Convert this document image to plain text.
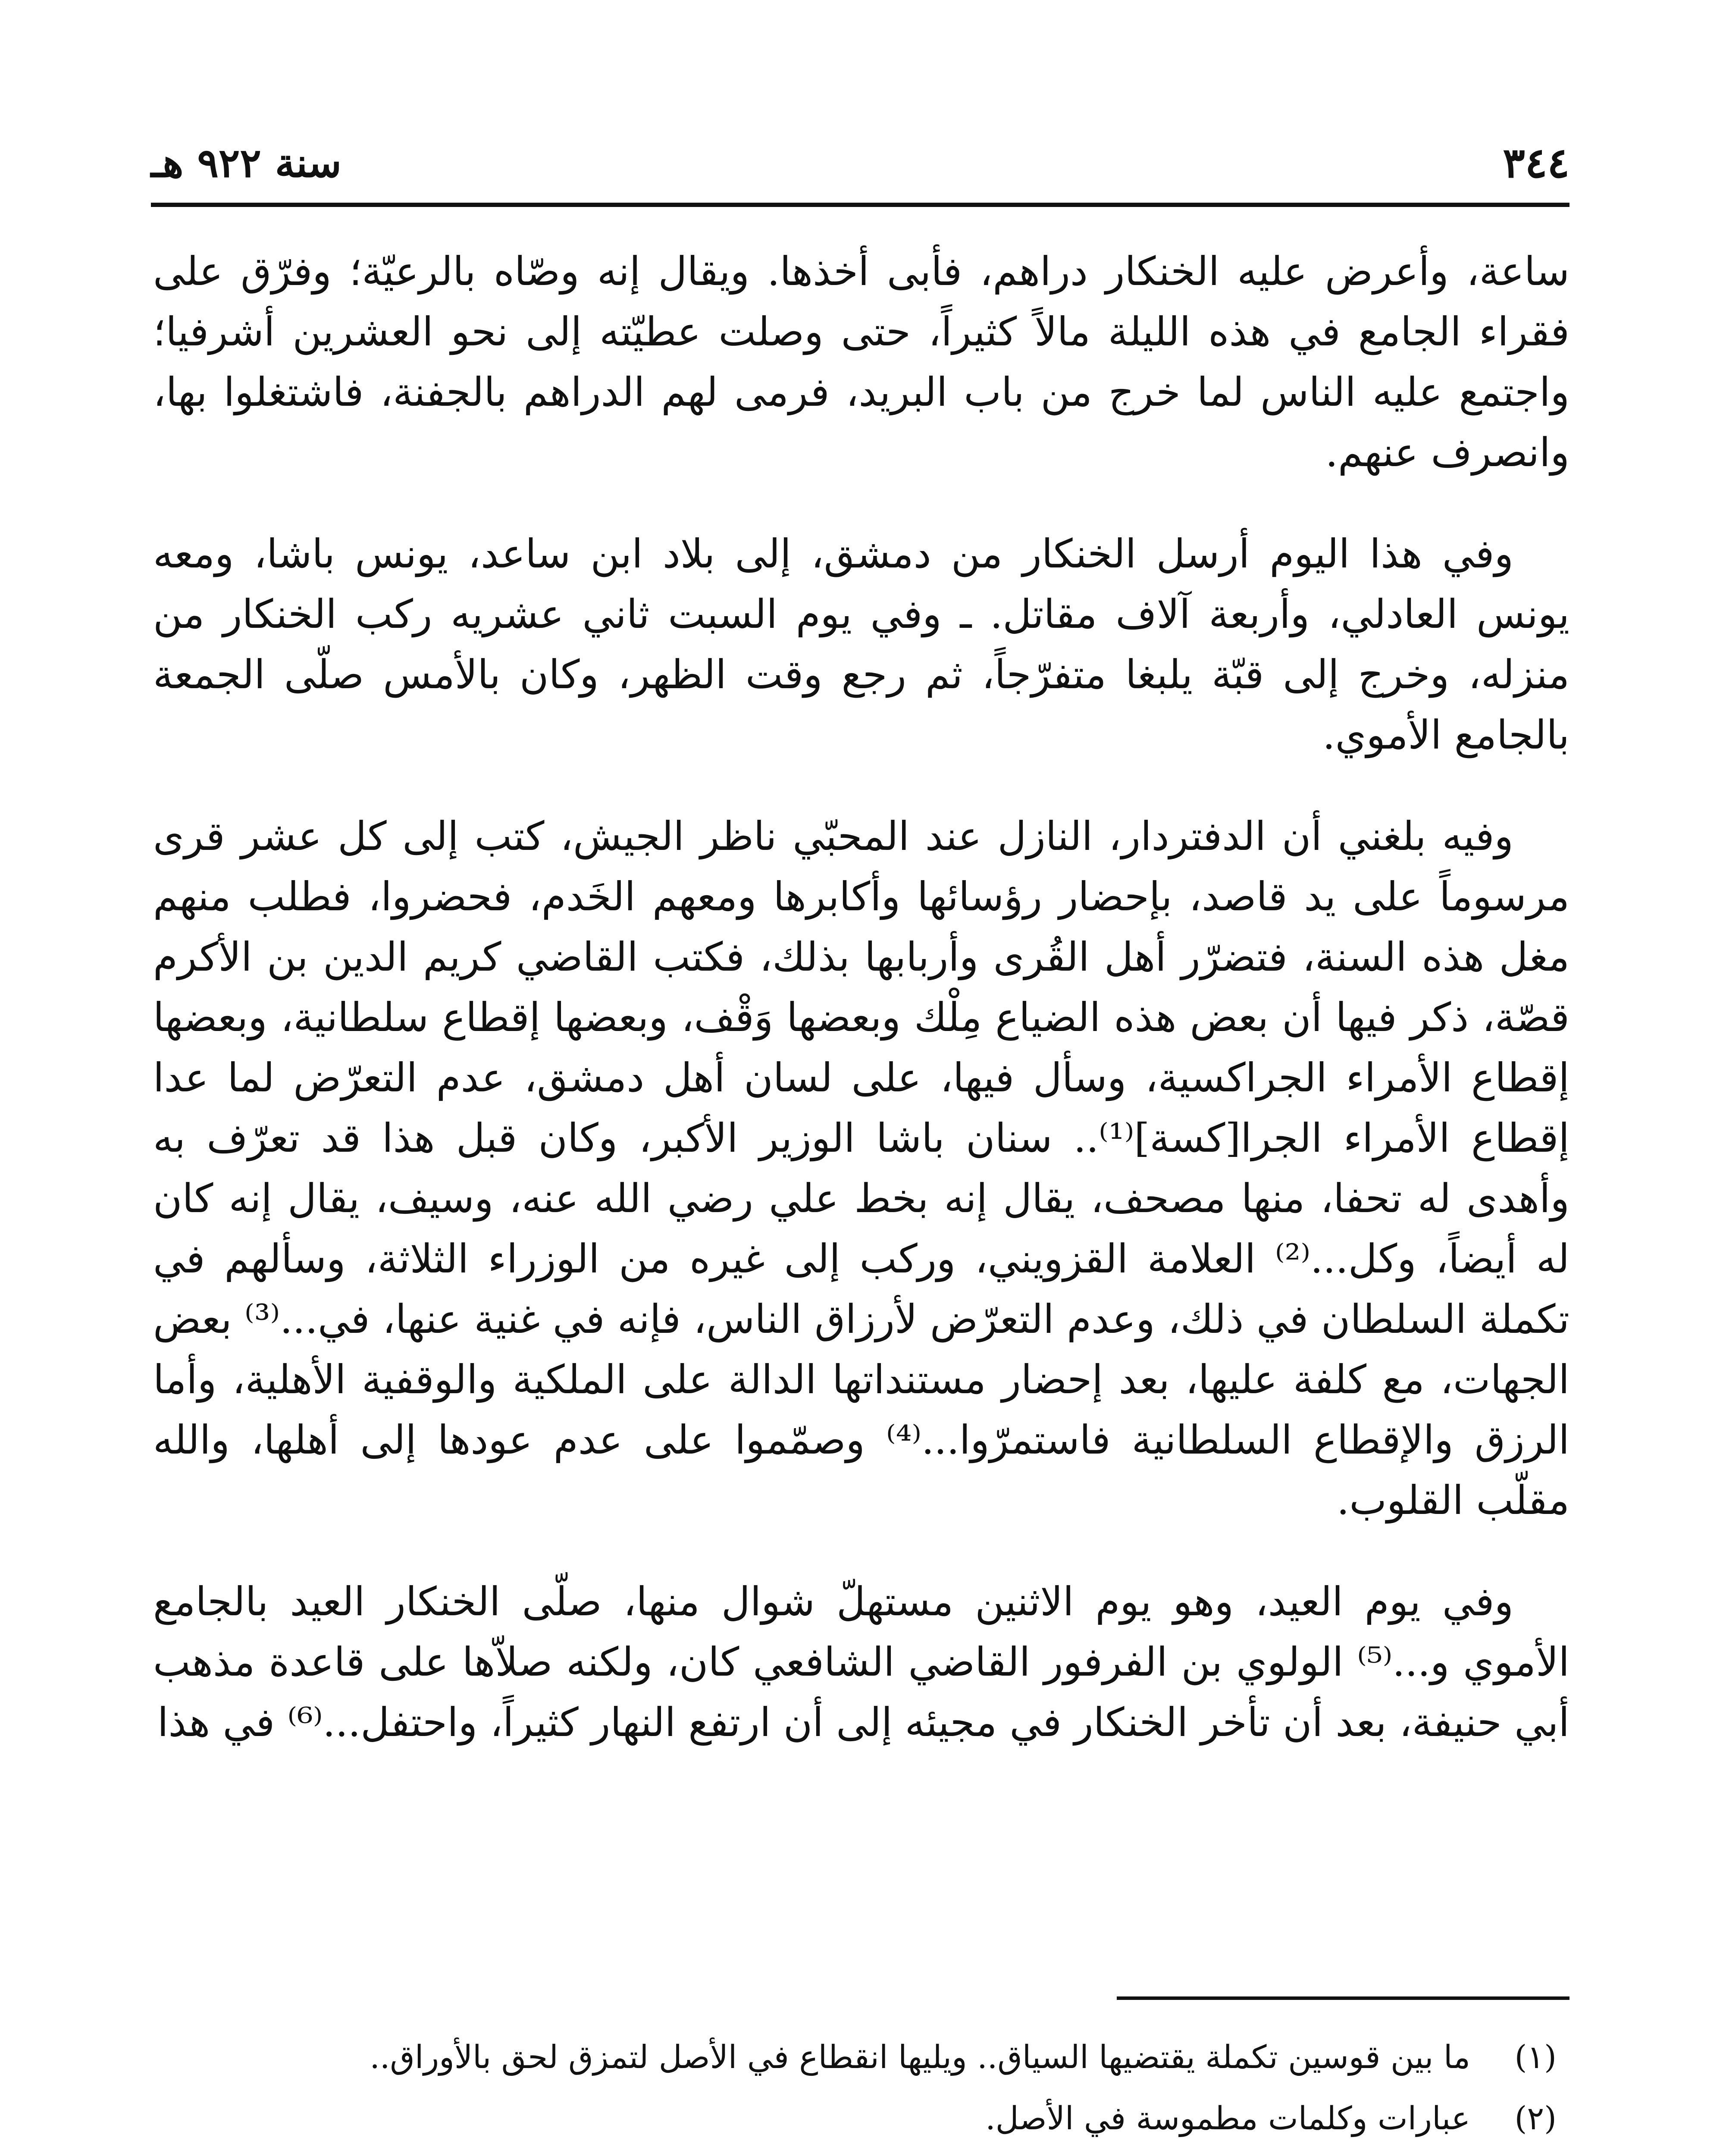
٣٤٤
سنة ٩٢٢ هـ

ساعة، وأعرض عليه الخنكار دراهم، فأبى أخذها. ويقال إنه وصّاه بالرعيّة؛ وفرّق على فقراء الجامع في هذه الليلة مالاً كثيراً، حتى وصلت عطيّته إلى نحو العشرين أشرفيا؛ واجتمع عليه الناس لما خرج من باب البريد، فرمى لهم الدراهم بالجفنة، فاشتغلوا بها، وانصرف عنهم.

وفي هذا اليوم أرسل الخنكار من دمشق، إلى بلاد ابن ساعد، يونس باشا، ومعه يونس العادلي، وأربعة آلاف مقاتل. ـ وفي يوم السبت ثاني عشريه ركب الخنكار من منزله، وخرج إلى قبّة يلبغا متفرّجاً، ثم رجع وقت الظهر، وكان بالأمس صلّى الجمعة بالجامع الأموي.

وفيه بلغني أن الدفتردار، النازل عند المحبّي ناظر الجيش، كتب إلى كل عشر قرى مرسوماً على يد قاصد، بإحضار رؤسائها وأكابرها ومعهم الخَدم، فحضروا، فطلب منهم مغل هذه السنة، فتضرّر أهل القُرى وأربابها بذلك، فكتب القاضي كريم الدين بن الأكرم قصّة، ذكر فيها أن بعض هذه الضياع مِلْك وبعضها وَقْف، وبعضها إقطاع سلطانية، وبعضها إقطاع الأمراء الجراكسية، وسأل فيها، على لسان أهل دمشق، عدم التعرّض لما عدا إقطاع الأمراء الجرا[كسة]⁽¹⁾.. سنان باشا الوزير الأكبر، وكان قبل هذا قد تعرّف به وأهدى له تحفا، منها مصحف، يقال إنه بخط علي رضي الله عنه، وسيف، يقال إنه كان له أيضاً، وكل...⁽²⁾ العلامة القزويني، وركب إلى غيره من الوزراء الثلاثة، وسألهم في تكملة السلطان في ذلك، وعدم التعرّض لأرزاق الناس، فإنه في غنية عنها، في...⁽³⁾ بعض الجهات، مع كلفة عليها، بعد إحضار مستنداتها الدالة على الملكية والوقفية الأهلية، وأما الرزق والإقطاع السلطانية فاستمرّوا...⁽⁴⁾ وصمّموا على عدم عودها إلى أهلها، والله مقلّب القلوب.

وفي يوم العيد، وهو يوم الاثنين مستهلّ شوال منها، صلّى الخنكار العيد بالجامع الأموي و...⁽⁵⁾ الولوي بن الفرفور القاضي الشافعي كان، ولكنه صلاّها على قاعدة مذهب أبي حنيفة، بعد أن تأخر الخنكار في مجيئه إلى أن ارتفع النهار كثيراً، واحتفل...⁽⁶⁾ في هذا

(١)
ما بين قوسين تكملة يقتضيها السياق.. ويليها انقطاع في الأصل لتمزق لحق بالأوراق..
(٢)
عبارات وكلمات مطموسة في الأصل.
